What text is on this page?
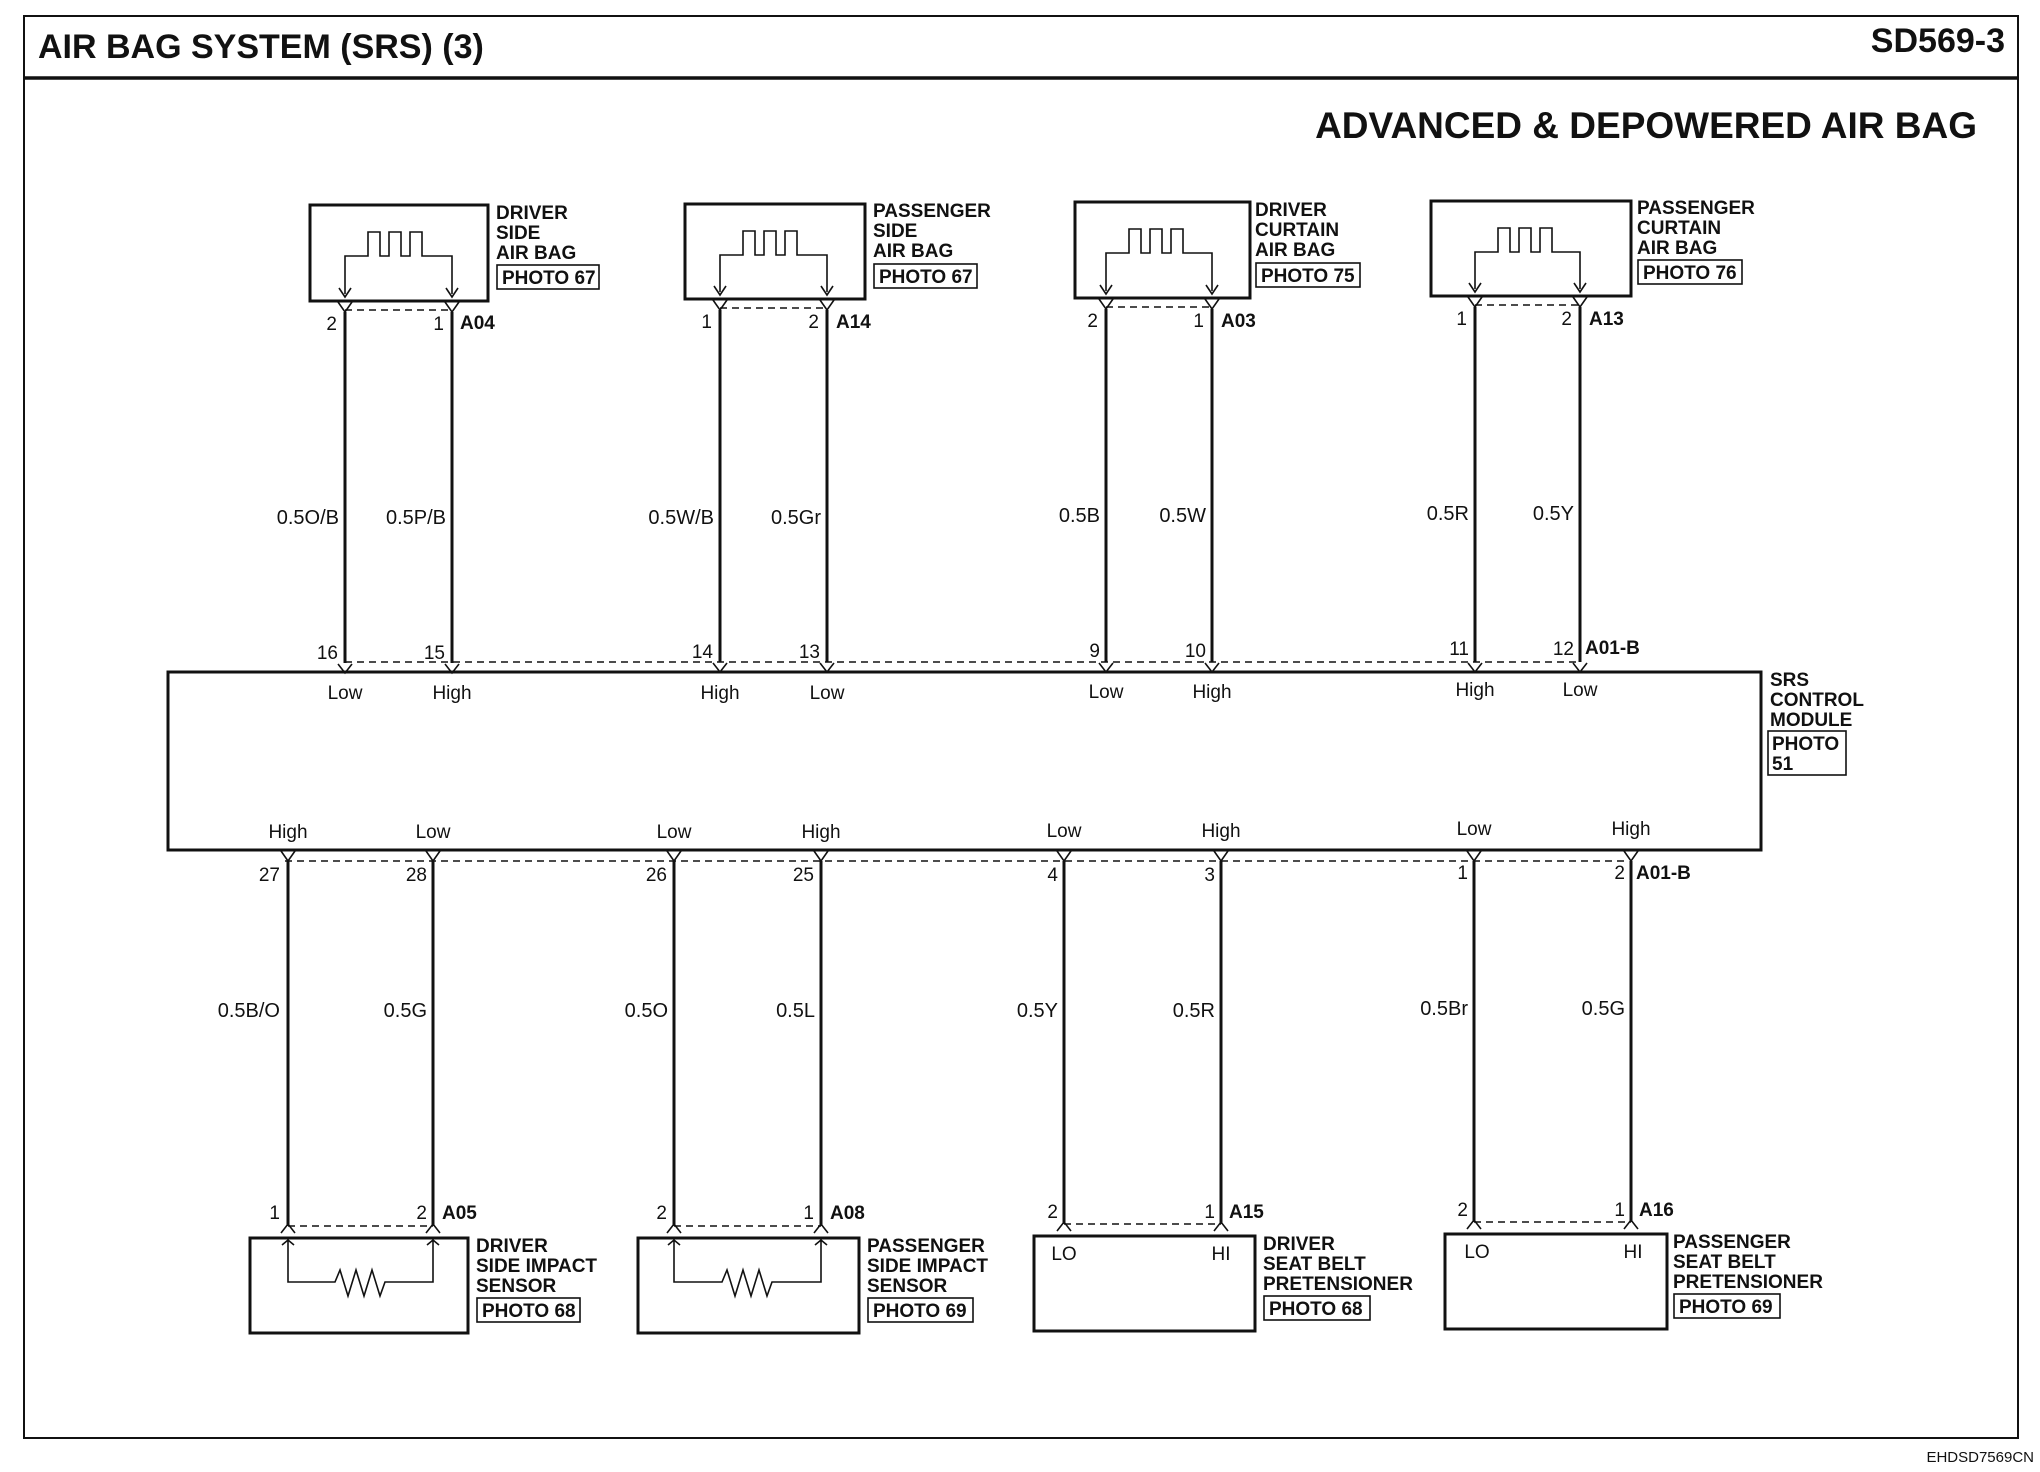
AIR BAG SYSTEM (SRS) (3)	SD569-3
ADVANCED & DEPOWERED AIR BAG
SRS
CONTROL
MODULE
PHOTO
51
A01-B
A01-B
DRIVER
SIDE
AIR BAG
PHOTO 67
A04
2	1
0.5O/B 0.5P/B
16	15
Low	High
PASSENGER
SIDE
AIR BAG
PHOTO 67
A14
1	2
0.5W/B	0.5Gr
14	13
High	Low
DRIVER
CURTAIN
AIR BAG
PHOTO 75
A03
2	1
0.5B	0.5W
9	10
Low	High
PASSENGER
CURTAIN
AIR BAG
PHOTO 76
A13
1	2
0.5R	0.5Y
11	12
High	Low
High	Low
27	28
0.5B/O	0.5G
1	2 A05
DRIVER
SIDE IMPACT
SENSOR
PHOTO 68
Low	High
26	25
0.5O	0.5L
2	1 A08
PASSENGER
SIDE IMPACT
SENSOR
PHOTO 69
Low	High
4	3
0.5Y	0.5R
2	1 A15
LO	HI DRIVER
SEAT BELT
PRETENSIONER
PHOTO 68
Low	High
1	2
0.5Br	0.5G
2	1 A16
LO	HI PASSENGER
SEAT BELT
PRETENSIONER
PHOTO 69
EHDSD7569CN
